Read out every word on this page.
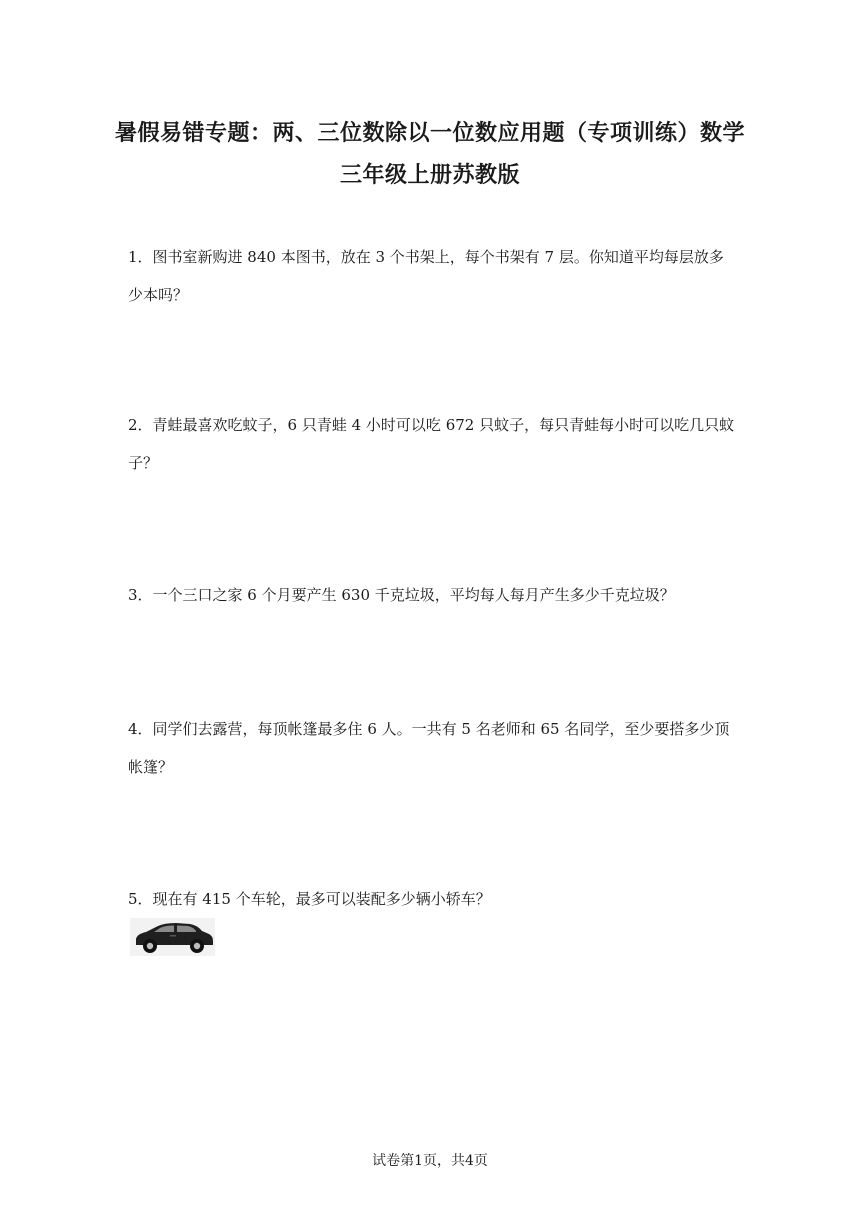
暑假易错专题：两、三位数除以一位数应用题（专项训练）数学
三年级上册苏教版

1．图书室新购进 840 本图书，放在 3 个书架上，每个书架有 7 层。你知道平均每层放多少本吗？

2．青蛙最喜欢吃蚊子，6 只青蛙 4 小时可以吃 672 只蚊子，每只青蛙每小时可以吃几只蚊子？

3．一个三口之家 6 个月要产生 630 千克垃圾，平均每人每月产生多少千克垃圾？

4．同学们去露营，每顶帐篷最多住 6 人。一共有 5 名老师和 65 名同学，至少要搭多少顶帐篷？

5．现在有 415 个车轮，最多可以装配多少辆小轿车？

试卷第1页，共4页
